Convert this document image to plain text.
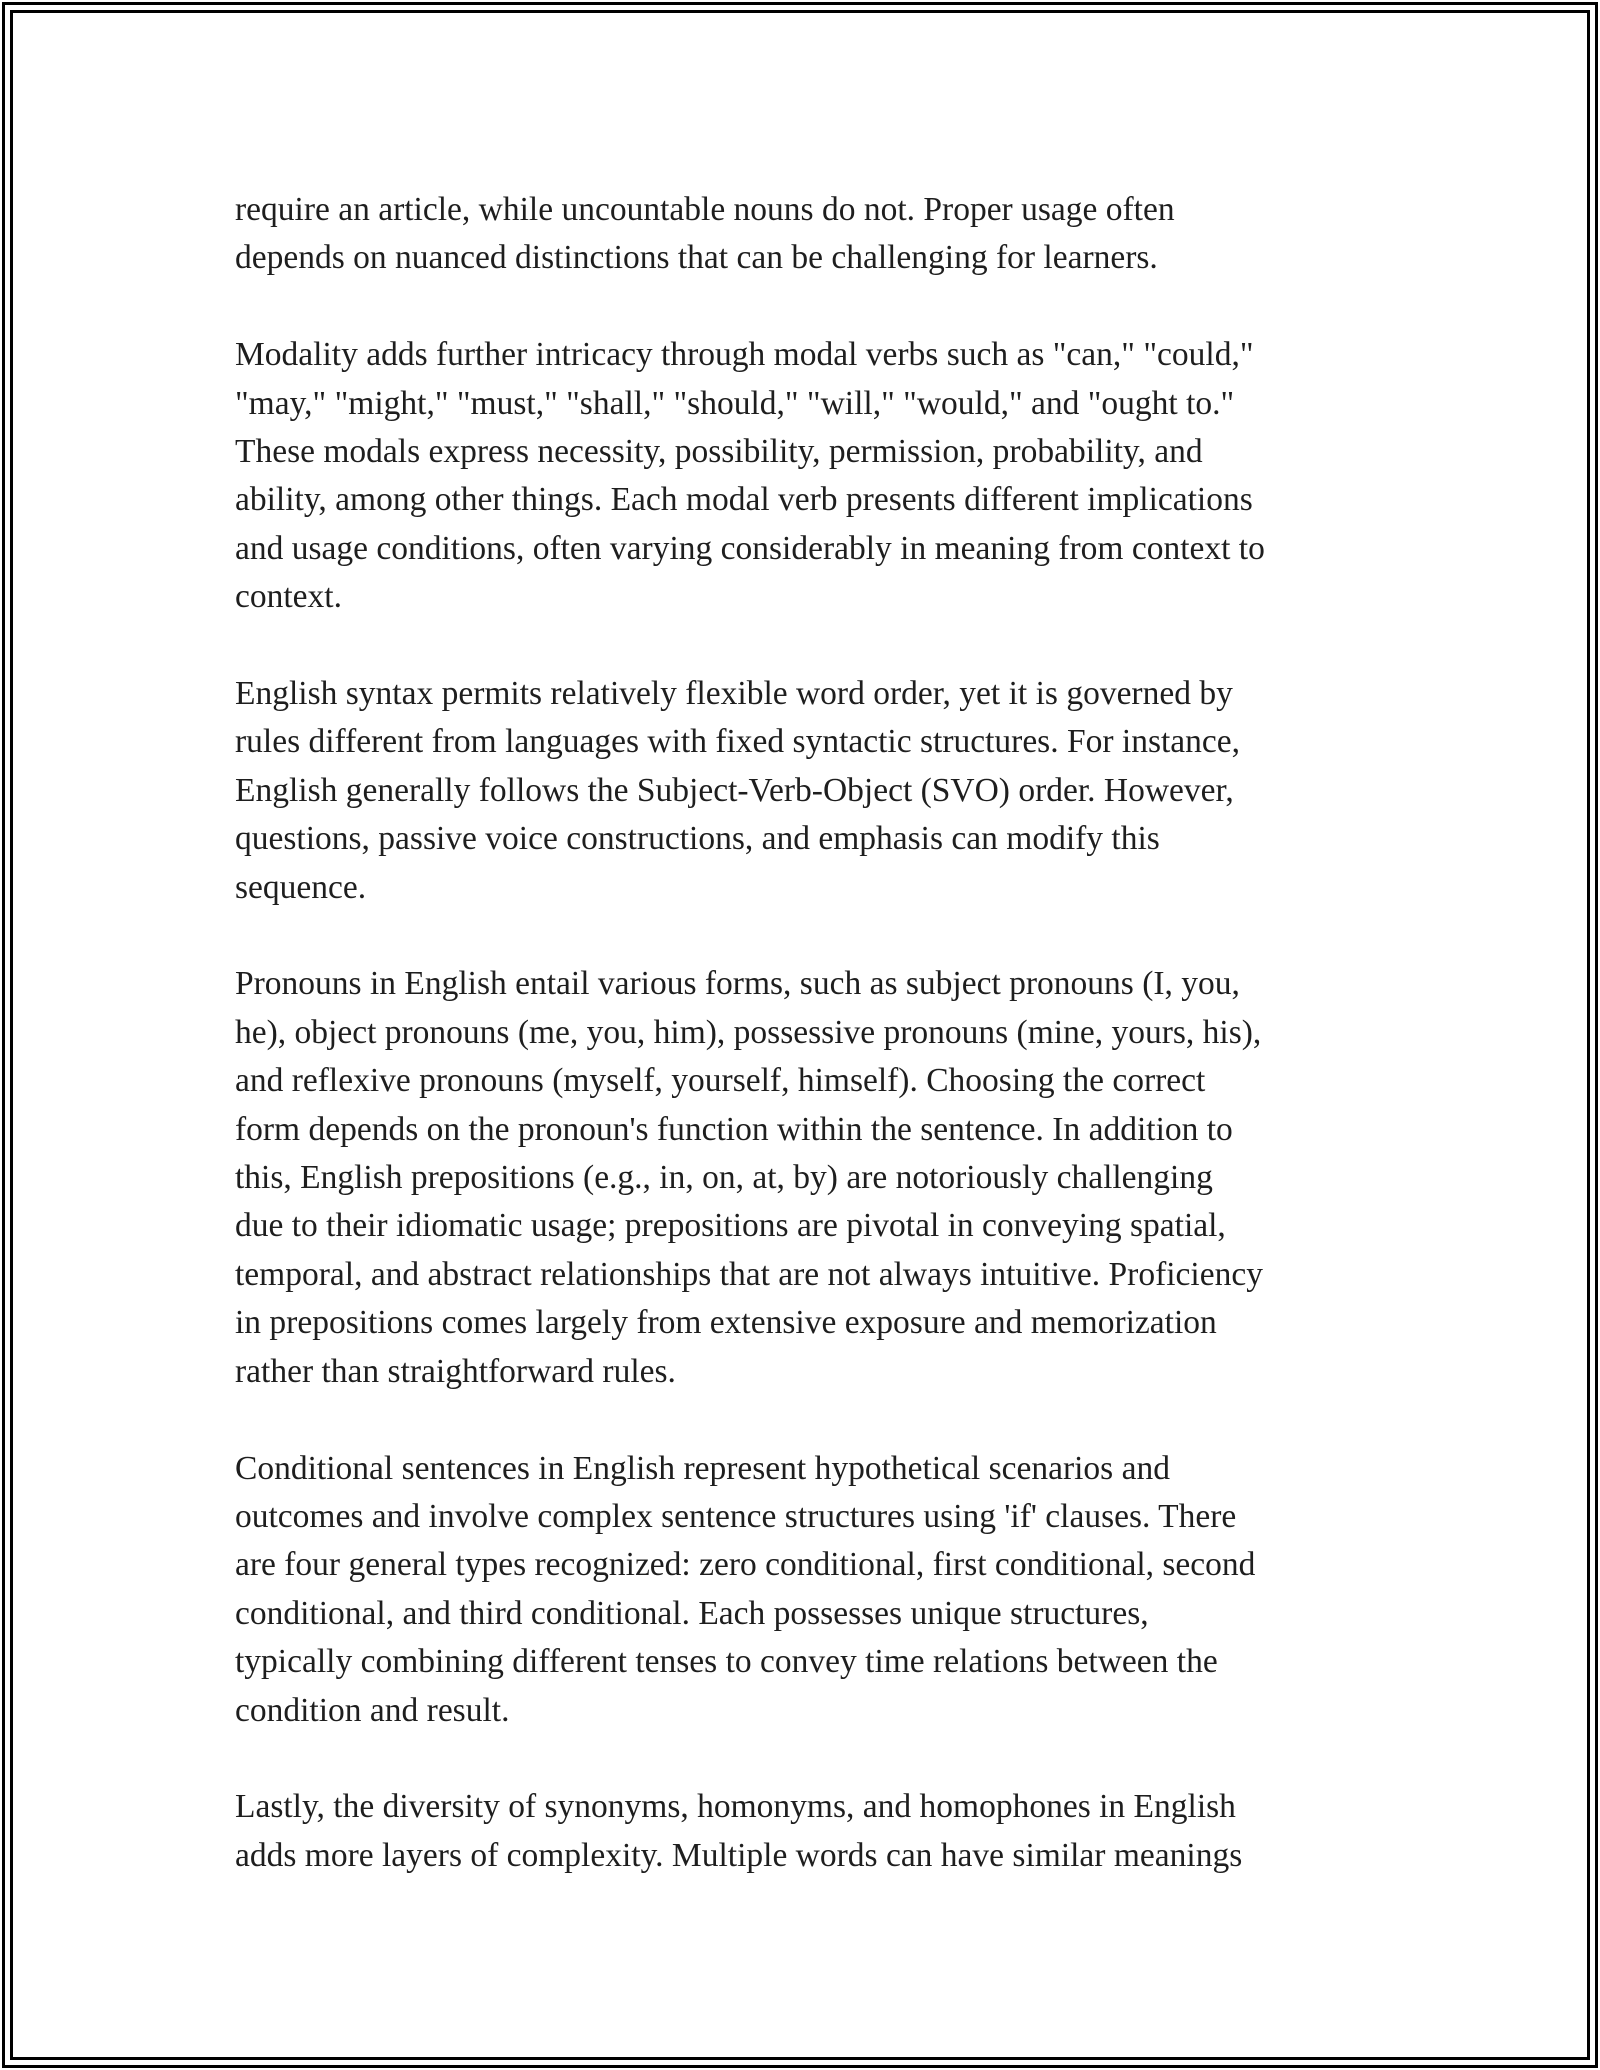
require an article, while uncountable nouns do not. Proper usage often
depends on nuanced distinctions that can be challenging for learners.

Modality adds further intricacy through modal verbs such as "can," "could,"
"may," "might," "must," "shall," "should," "will," "would," and "ought to."
These modals express necessity, possibility, permission, probability, and
ability, among other things. Each modal verb presents different implications
and usage conditions, often varying considerably in meaning from context to
context.

English syntax permits relatively flexible word order, yet it is governed by
rules different from languages with fixed syntactic structures. For instance,
English generally follows the Subject-Verb-Object (SVO) order. However,
questions, passive voice constructions, and emphasis can modify this
sequence.

Pronouns in English entail various forms, such as subject pronouns (I, you,
he), object pronouns (me, you, him), possessive pronouns (mine, yours, his),
and reflexive pronouns (myself, yourself, himself). Choosing the correct
form depends on the pronoun's function within the sentence. In addition to
this, English prepositions (e.g., in, on, at, by) are notoriously challenging
due to their idiomatic usage; prepositions are pivotal in conveying spatial,
temporal, and abstract relationships that are not always intuitive. Proficiency
in prepositions comes largely from extensive exposure and memorization
rather than straightforward rules.

Conditional sentences in English represent hypothetical scenarios and
outcomes and involve complex sentence structures using 'if' clauses. There
are four general types recognized: zero conditional, first conditional, second
conditional, and third conditional. Each possesses unique structures,
typically combining different tenses to convey time relations between the
condition and result.

Lastly, the diversity of synonyms, homonyms, and homophones in English
adds more layers of complexity. Multiple words can have similar meanings
